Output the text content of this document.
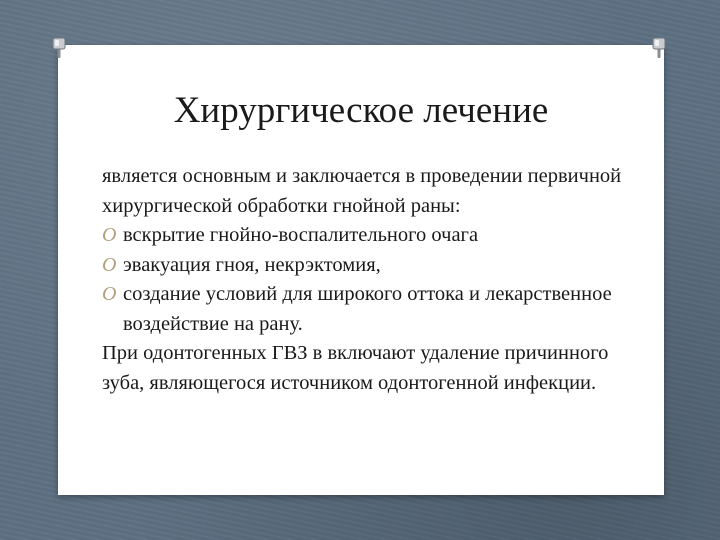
Хирургическое лечение

является основным и заключается в проведении первичной хирургической обработки гнойной раны:

O вскрытие гнойно-воспалительного очага
O эвакуация гноя, некрэктомия,
O создание условий для широкого оттока и лекарственное воздействие на рану.

При одонтогенных ГВЗ в включают удаление причинного зуба, являющегося источником одонтогенной инфекции.
